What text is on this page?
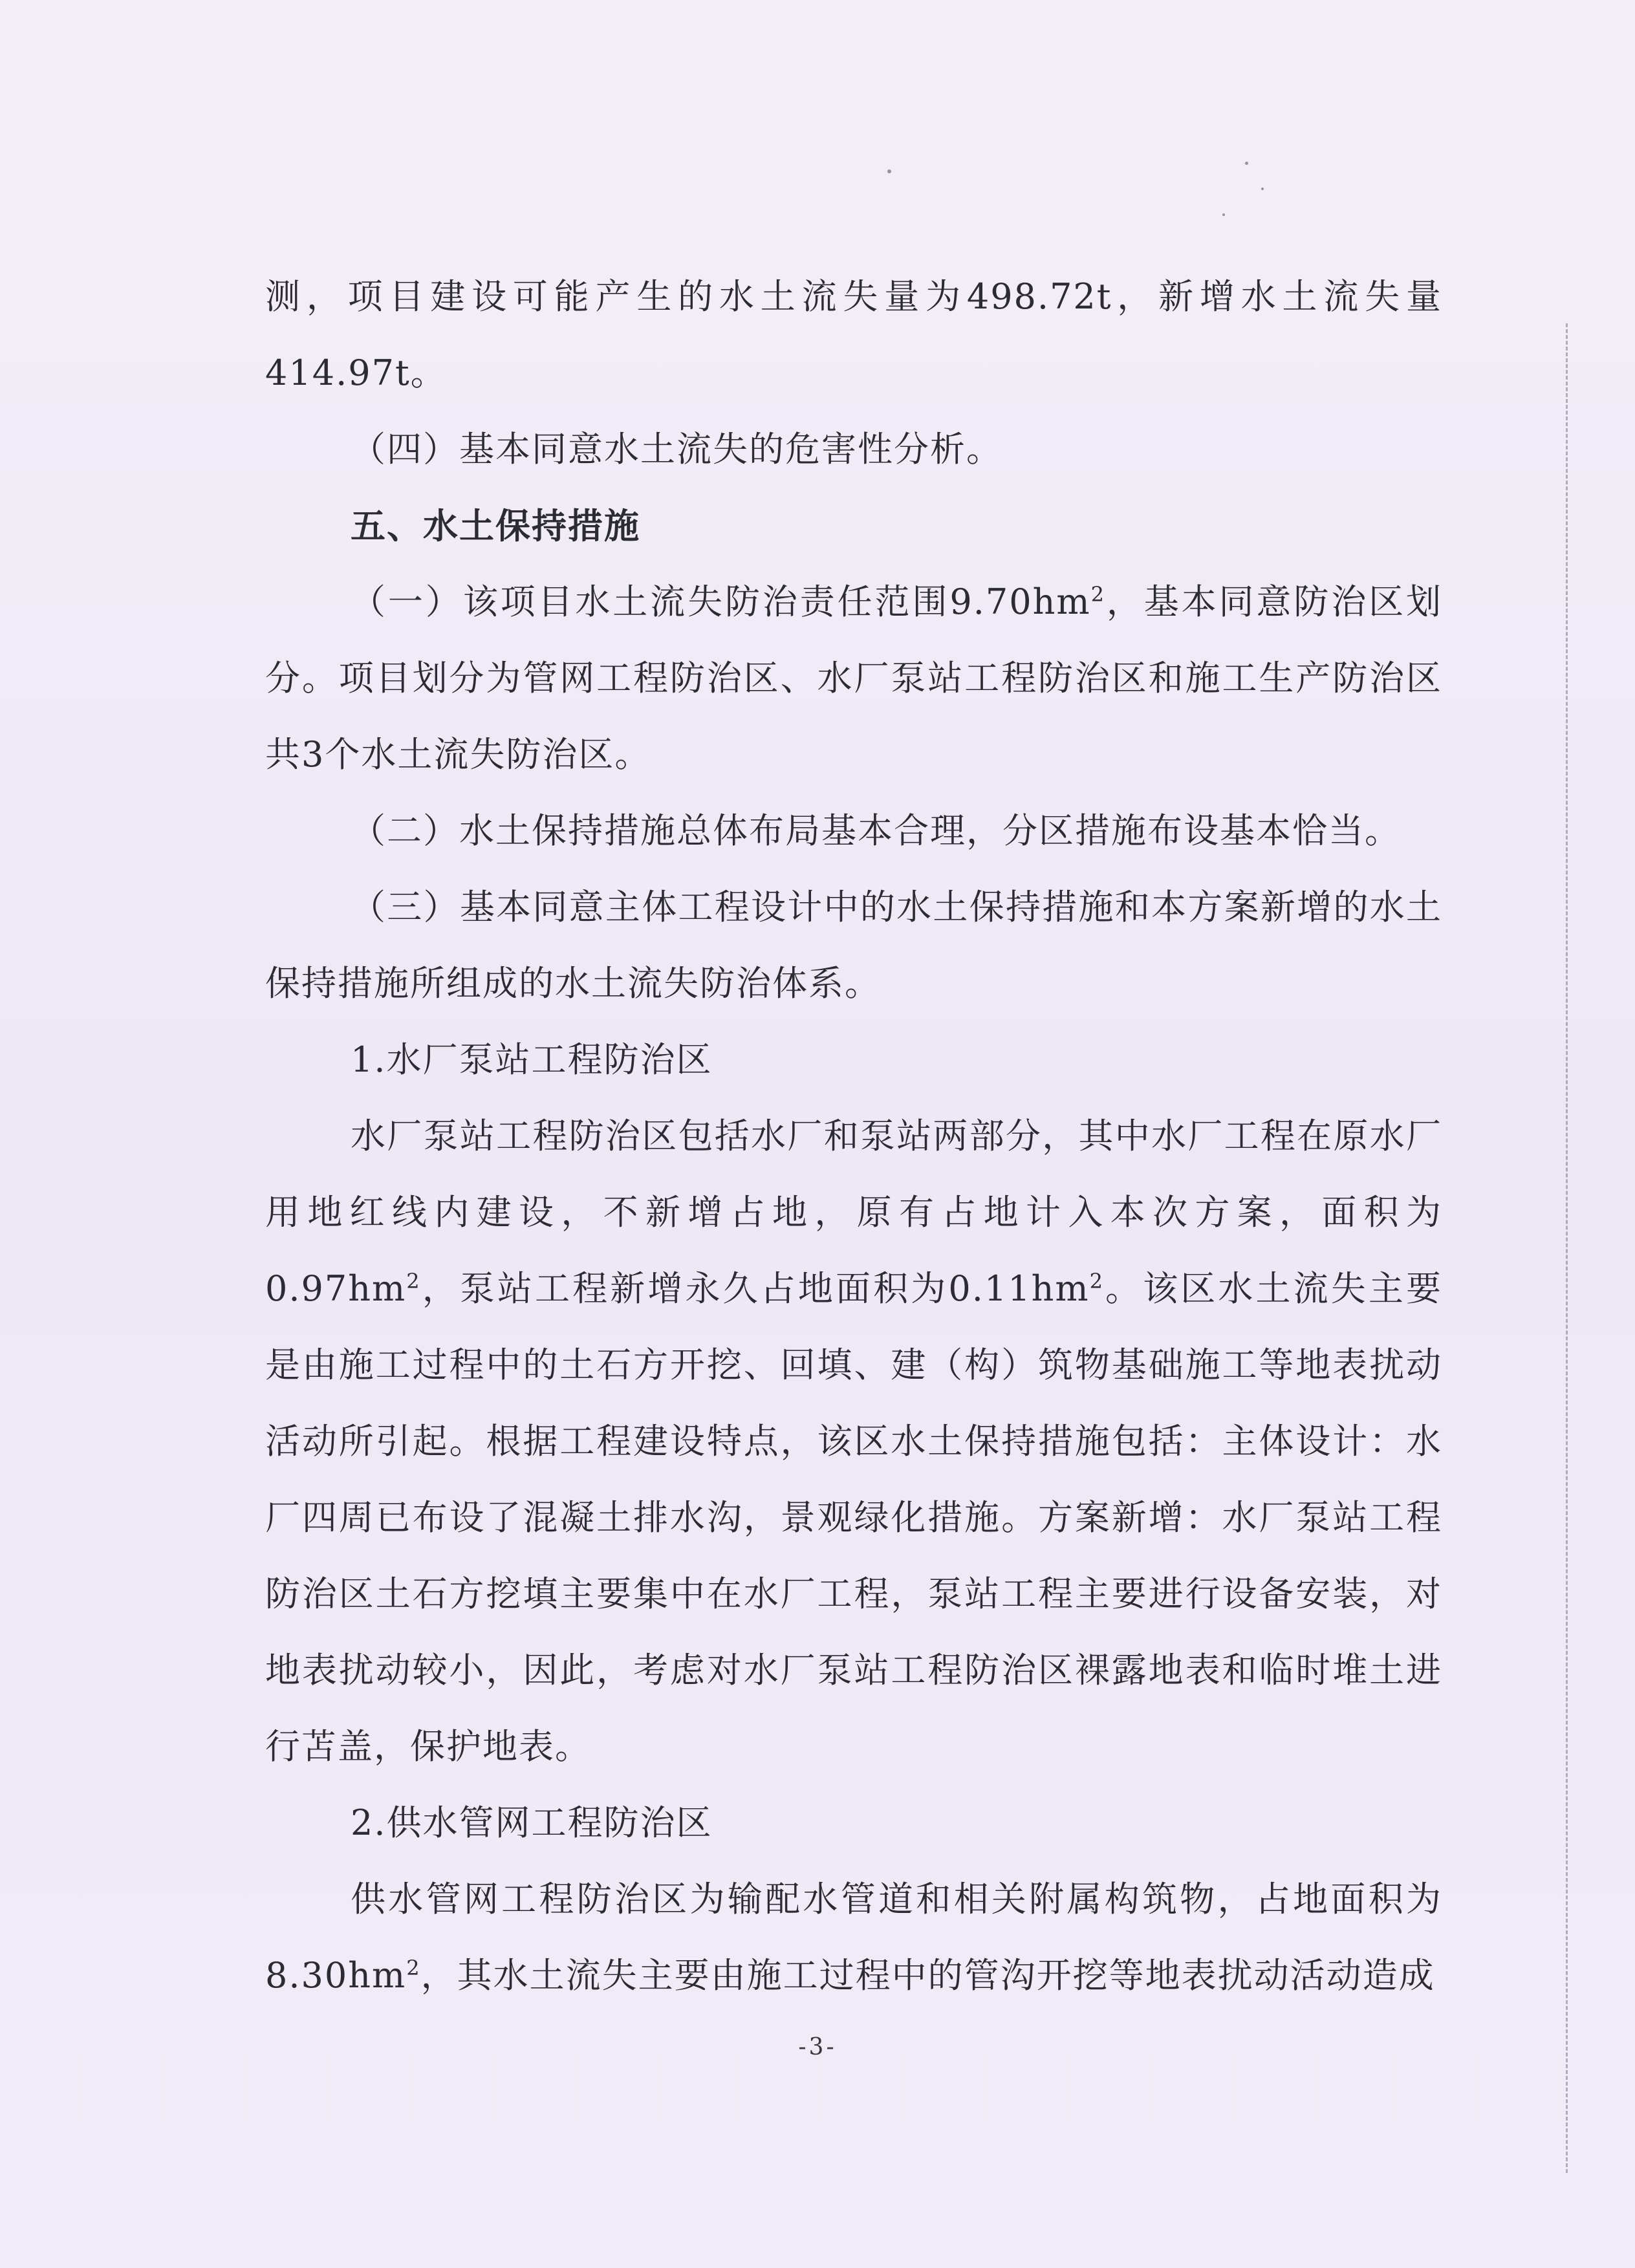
测，项目建设可能产生的水土流失量为498.72t，新增水土流失量414.97t。

（四）基本同意水土流失的危害性分析。

五、水土保持措施

（一）该项目水土流失防治责任范围$9.70hm^2$，基本同意防治区划分。项目划分为管网工程防治区、水厂泵站工程防治区和施工生产防治区共3个水土流失防治区。

（二）水土保持措施总体布局基本合理，分区措施布设基本恰当。

（三）基本同意主体工程设计中的水土保持措施和本方案新增的水土保持措施所组成的水土流失防治体系。

1.水厂泵站工程防治区

水厂泵站工程防治区包括水厂和泵站两部分，其中水厂工程在原水厂用地红线内建设，不新增占地，原有占地计入本次方案，面积为$0.97hm^2$，泵站工程新增永久占地面积为$0.11hm^2$。该区水土流失主要是由施工过程中的土石方开挖、回填、建（构）筑物基础施工等地表扰动活动所引起。根据工程建设特点，该区水土保持措施包括：主体设计：水厂四周已布设了混凝土排水沟，景观绿化措施。方案新增：水厂泵站工程防治区土石方挖填主要集中在水厂工程，泵站工程主要进行设备安装，对地表扰动较小，因此，考虑对水厂泵站工程防治区裸露地表和临时堆土进行苫盖，保护地表。

2.供水管网工程防治区

供水管网工程防治区为输配水管道和相关附属构筑物，占地面积为$8.30hm^2$，其水土流失主要由施工过程中的管沟开挖等地表扰动活动造成

-3-
